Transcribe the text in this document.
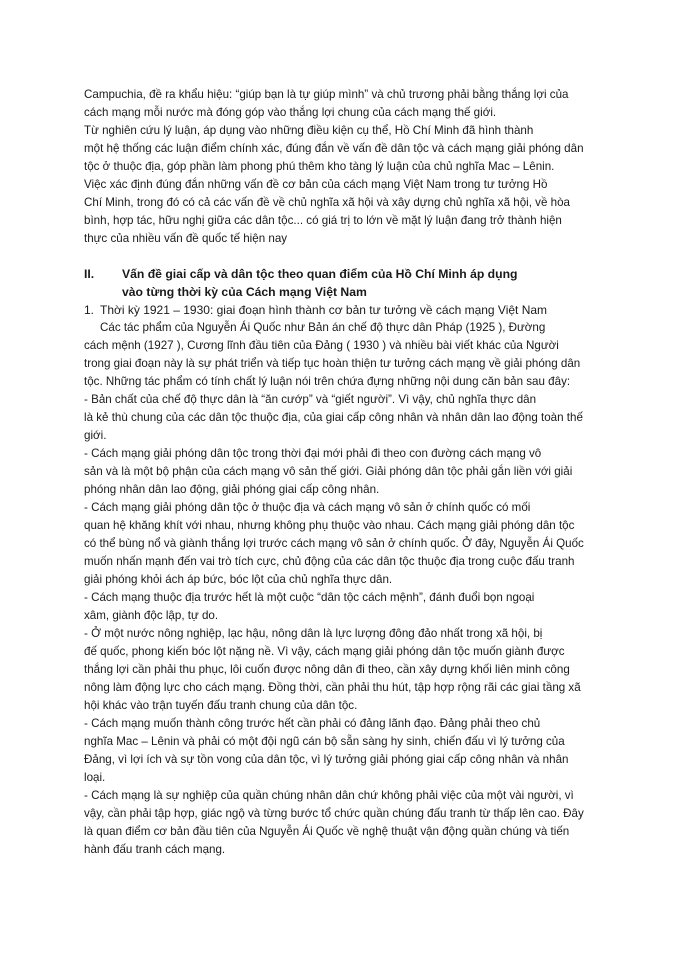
Campuchia, đề ra khẩu hiệu: “giúp bạn là tự giúp mình” và chủ trương phải bằng thắng lợi của

cách mạng mỗi nước mà đóng góp vào thắng lợi chung của cách mạng thế giới.

Từ nghiên cứu lý luận, áp dụng vào những điều kiện cụ thể, Hồ Chí Minh đã hình thành

một hệ thống các luận điểm chính xác, đúng đắn về vấn đề dân tộc và cách mạng giải phóng dân

tộc ở thuộc địa, góp phần làm phong phú thêm kho tàng lý luận của chủ nghĩa Mac – Lênin.

Việc xác định đúng đắn những vấn đề cơ bản của cách mạng Việt Nam trong tư tưởng Hồ

Chí Minh, trong đó có cả các vấn đề về chủ nghĩa xã hội và xây dựng chủ nghĩa xã hội, về hòa

bình, hợp tác, hữu nghị giữa các dân tộc... có giá trị to lớn về mặt lý luận đang trở thành hiện

thực của nhiều vấn đề quốc tế hiện nay

II.	Vấn đề giai cấp và dân tộc theo quan điểm của Hồ Chí Minh áp dụng
vào từng thời kỳ của Cách mạng Việt Nam
1. Thời kỳ 1921 – 1930: giai đoạn hình thành cơ bản tư tưởng về cách mạng Việt Nam

Các tác phẩm của Nguyễn Ái Quốc như Bản án chế độ thực dân Pháp (1925 ), Đường

cách mệnh (1927 ), Cương lĩnh đầu tiên của Đảng ( 1930 ) và nhiều bài viết khác của Người

trong giai đoạn này là sự phát triển và tiếp tục hoàn thiện tư tưởng cách mạng về giải phóng dân

tộc. Những tác phẩm có tính chất lý luận nói trên chứa đựng những nội dung căn bản sau đây:

- Bản chất của chế độ thực dân là “ăn cướp” và “giết người”. Vì vậy, chủ nghĩa thực dân

là kẻ thù chung của các dân tộc thuộc địa, của giai cấp công nhân và nhân dân lao động toàn thế

giới.

- Cách mạng giải phóng dân tộc trong thời đại mới phải đi theo con đường cách mạng vô

sản và là một bộ phận của cách mạng vô sản thế giới. Giải phóng dân tộc phải gắn liền với giải

phóng nhân dân lao động, giải phóng giai cấp công nhân.

- Cách mạng giải phóng dân tộc ở thuộc địa và cách mạng vô sản ở chính quốc có mối

quan hệ khăng khít với nhau, nhưng không phụ thuộc vào nhau. Cách mạng giải phóng dân tộc

có thể bùng nổ và giành thắng lợi trước cách mạng vô sản ở chính quốc. Ở đây, Nguyễn Ái Quốc

muốn nhấn mạnh đến vai trò tích cực, chủ động của các dân tộc thuộc địa trong cuộc đấu tranh

giải phóng khỏi ách áp bức, bóc lột của chủ nghĩa thực dân.

- Cách mạng thuộc địa trước hết là một cuộc “dân tộc cách mệnh”, đánh đuổi bọn ngoại

xâm, giành độc lập, tự do.

- Ở một nước nông nghiệp, lạc hậu, nông dân là lực lượng đông đảo nhất trong xã hội, bị

đế quốc, phong kiến bóc lột nặng nề. Vì vậy, cách mạng giải phóng dân tộc muốn giành được

thắng lợi cần phải thu phục, lôi cuốn được nông dân đi theo, cần xây dựng khối liên minh công

nông làm động lực cho cách mạng. Đồng thời, cần phải thu hút, tập hợp rộng rãi các giai tầng xã

hội khác vào trận tuyến đấu tranh chung của dân tộc.

- Cách mạng muốn thành công trước hết cần phải có đảng lãnh đạo. Đảng phải theo chủ

nghĩa Mac – Lênin và phải có một đội ngũ cán bộ sẵn sàng hy sinh, chiến đấu vì lý tưởng của

Đảng, vì lợi ích và sự tồn vong của dân tộc, vì lý tưởng giải phóng giai cấp công nhân và nhân

loại.

- Cách mạng là sự nghiệp của quần chúng nhân dân chứ không phải việc của một vài người, vì

vậy, cần phải tập hợp, giác ngộ và từng bước tổ chức quần chúng đấu tranh từ thấp lên cao. Đây

là quan điểm cơ bản đầu tiên của Nguyễn Ái Quốc về nghệ thuật vận động quần chúng và tiến

hành đấu tranh cách mạng.
